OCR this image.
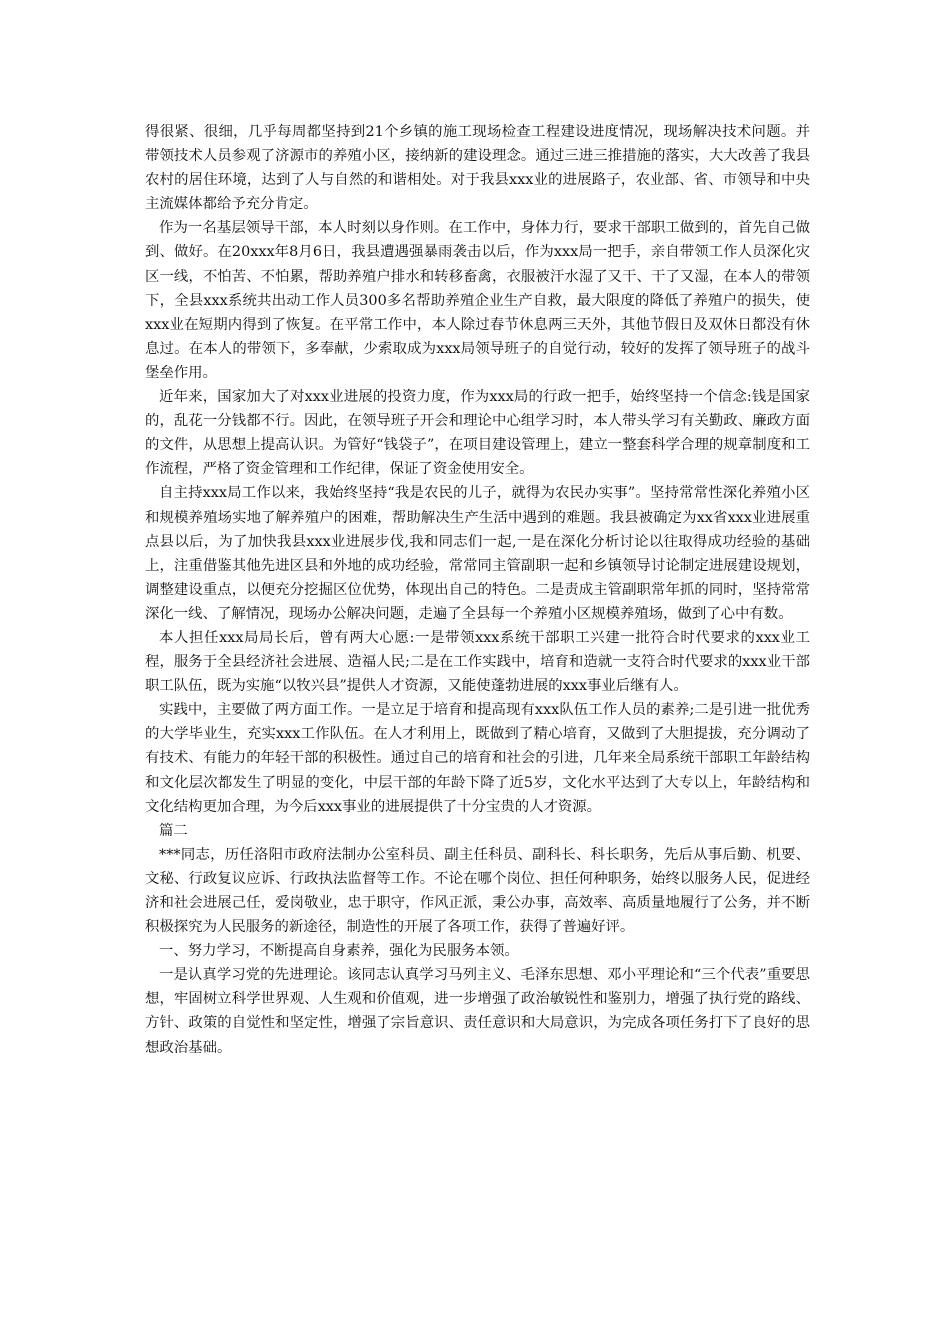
得很紧、很细，几乎每周都坚持到21个乡镇的施工现场检查工程建设进度情况，现场解决技术问题。并带领技术人员参观了济源市的养殖小区，接纳新的建设理念。通过三进三推措施的落实，大大改善了我县农村的居住环境，达到了人与自然的和谐相处。对于我县xxx业的进展路子，农业部、省、市领导和中央主流媒体都给予充分肯定。

作为一名基层领导干部，本人时刻以身作则。在工作中，身体力行，要求干部职工做到的，首先自己做到、做好。在20xxx年8月6日，我县遭遇强暴雨袭击以后，作为xxx局一把手，亲自带领工作人员深化灾区一线，不怕苦、不怕累，帮助养殖户排水和转移畜禽，衣服被汗水湿了又干、干了又湿，在本人的带领下，全县xxx系统共出动工作人员300多名帮助养殖企业生产自救，最大限度的降低了养殖户的损失，使xxx业在短期内得到了恢复。在平常工作中，本人除过春节休息两三天外，其他节假日及双休日都没有休息过。在本人的带领下，多奉献，少索取成为xxx局领导班子的自觉行动，较好的发挥了领导班子的战斗堡垒作用。

近年来，国家加大了对xxx业进展的投资力度，作为xxx局的行政一把手，始终坚持一个信念:钱是国家的，乱花一分钱都不行。因此，在领导班子开会和理论中心组学习时，本人带头学习有关勤政、廉政方面的文件，从思想上提高认识。为管好“钱袋子”，在项目建设管理上，建立一整套科学合理的规章制度和工作流程，严格了资金管理和工作纪律，保证了资金使用安全。

自主持xxx局工作以来，我始终坚持“我是农民的儿子，就得为农民办实事”。坚持常常性深化养殖小区和规模养殖场实地了解养殖户的困难，帮助解决生产生活中遇到的难题。我县被确定为xx省xxx业进展重点县以后，为了加快我县xxx业进展步伐,我和同志们一起,一是在深化分析讨论以往取得成功经验的基础上，注重借鉴其他先进区县和外地的成功经验，常常同主管副职一起和乡镇领导讨论制定进展建设规划，调整建设重点，以便充分挖掘区位优势，体现出自己的特色。二是责成主管副职常年抓的同时，坚持常常深化一线、了解情况，现场办公解决问题，走遍了全县每一个养殖小区规模养殖场，做到了心中有数。

本人担任xxx局局长后，曾有两大心愿:一是带领xxx系统干部职工兴建一批符合时代要求的xxx业工程，服务于全县经济社会进展、造福人民;二是在工作实践中，培育和造就一支符合时代要求的xxx业干部职工队伍，既为实施“以牧兴县”提供人才资源，又能使蓬勃进展的xxx事业后继有人。

实践中，主要做了两方面工作。一是立足于培育和提高现有xxx队伍工作人员的素养;二是引进一批优秀的大学毕业生，充实xxx工作队伍。在人才利用上，既做到了精心培育，又做到了大胆提拔，充分调动了有技术、有能力的年轻干部的积极性。通过自己的培育和社会的引进，几年来全局系统干部职工年龄结构和文化层次都发生了明显的变化，中层干部的年龄下降了近5岁，文化水平达到了大专以上，年龄结构和文化结构更加合理，为今后xxx事业的进展提供了十分宝贵的人才资源。

篇二

***同志，历任洛阳市政府法制办公室科员、副主任科员、副科长、科长职务，先后从事后勤、机要、文秘、行政复议应诉、行政执法监督等工作。不论在哪个岗位、担任何种职务，始终以服务人民，促进经济和社会进展己任，爱岗敬业，忠于职守，作风正派，秉公办事，高效率、高质量地履行了公务，并不断积极探究为人民服务的新途径，制造性的开展了各项工作，获得了普遍好评。

一、努力学习，不断提高自身素养，强化为民服务本领。

一是认真学习党的先进理论。该同志认真学习马列主义、毛泽东思想、邓小平理论和“三个代表”重要思想，牢固树立科学世界观、人生观和价值观，进一步增强了政治敏锐性和鉴别力，增强了执行党的路线、方针、政策的自觉性和坚定性，增强了宗旨意识、责任意识和大局意识，为完成各项任务打下了良好的思想政治基础。
